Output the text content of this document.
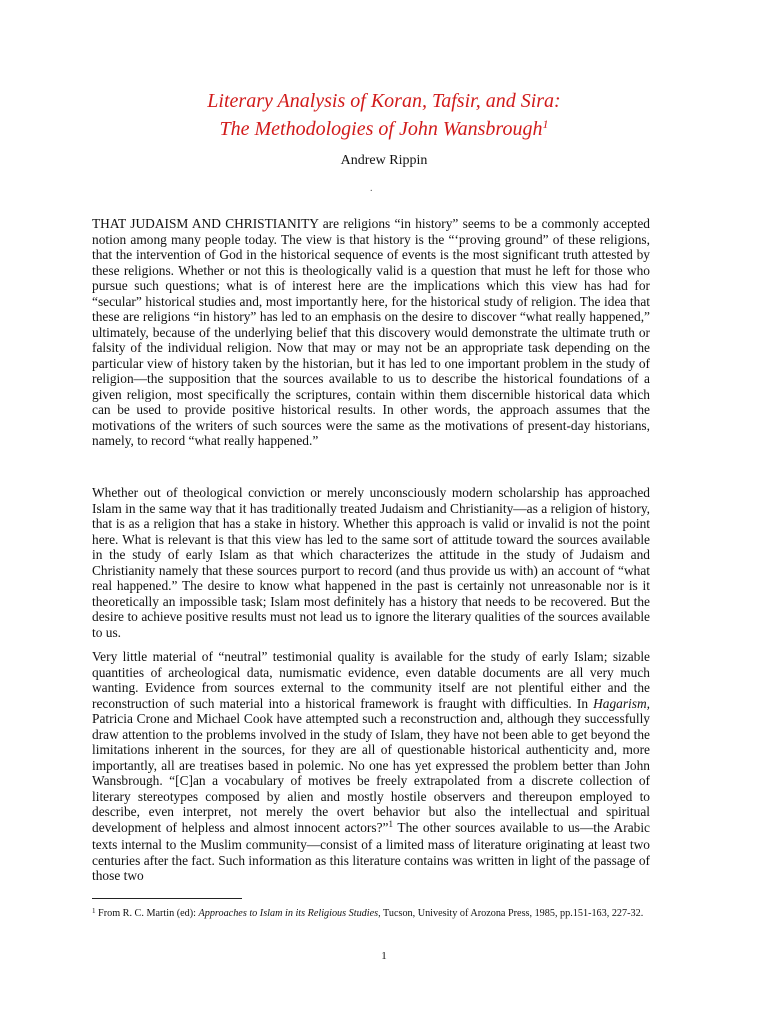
Literary Analysis of Koran, Tafsir, and Sira:
The Methodologies of John Wansbrough$^1$
Andrew Rippin
.
THAT JUDAISM AND CHRISTIANITY are religions “in history” seems to be a commonly accepted notion among many people today. The view is that history is the “‘proving ground” of these religions, that the intervention of God in the historical sequence of events is the most significant truth attested by these religions. Whether or not this is theologically valid is a question that must he left for those who pursue such questions; what is of interest here are the implications which this view has had for “secular” historical studies and, most importantly here, for the historical study of religion. The idea that these are religions “in history” has led to an emphasis on the desire to discover “what really happened,” ultimately, because of the underlying belief that this discovery would demonstrate the ultimate truth or falsity of the individual religion. Now that may or may not be an appropriate task depending on the particular view of history taken by the historian, but it has led to one important problem in the study of religion—the supposition that the sources available to us to describe the historical foundations of a given religion, most specifically the scriptures, contain within them discernible historical data which can be used to provide positive historical results. In other words, the approach assumes that the motivations of the writers of such sources were the same as the motivations of present-day historians, namely, to record “what really happened.”
Whether out of theological conviction or merely unconsciously modern scholarship has approached Islam in the same way that it has traditionally treated Judaism and Christianity—as a religion of history, that is as a religion that has a stake in history. Whether this approach is valid or invalid is not the point here. What is relevant is that this view has led to the same sort of attitude toward the sources available in the study of early Islam as that which characterizes the attitude in the study of Judaism and Christianity namely that these sources purport to record (and thus provide us with) an account of “what real happened.” The desire to know what happened in the past is certainly not unreasonable nor is it theoretically an impossible task; Islam most definitely has a history that needs to be recovered. But the desire to achieve positive results must not lead us to ignore the literary qualities of the sources available to us.
Very little material of “neutral” testimonial quality is available for the study of early Islam; sizable quantities of archeological data, numismatic evidence, even datable documents are all very much wanting. Evidence from sources external to the community itself are not plentiful either and the reconstruction of such material into a historical framework is fraught with difficulties. In Hagarism, Patricia Crone and Michael Cook have attempted such a reconstruction and, although they successfully draw attention to the problems involved in the study of Islam, they have not been able to get beyond the limitations inherent in the sources, for they are all of questionable historical authenticity and, more importantly, all are treatises based in polemic. No one has yet expressed the problem better than John Wansbrough. “[C]an a vocabulary of motives be freely extrapolated from a discrete collection of literary stereotypes composed by alien and mostly hostile observers and thereupon employed to describe, even interpret, not merely the overt behavior but also the intellectual and spiritual development of helpless and almost innocent actors?”$^1$ The other sources available to us—the Arabic texts internal to the Muslim community—consist of a limited mass of literature originating at least two centuries after the fact. Such information as this literature contains was written in light of the passage of those two
$^1$ From R. C. Martin (ed): Approaches to Islam in its Religious Studies, Tucson, Univesity of Arozona Press, 1985, pp.151-163, 227-32.
1
